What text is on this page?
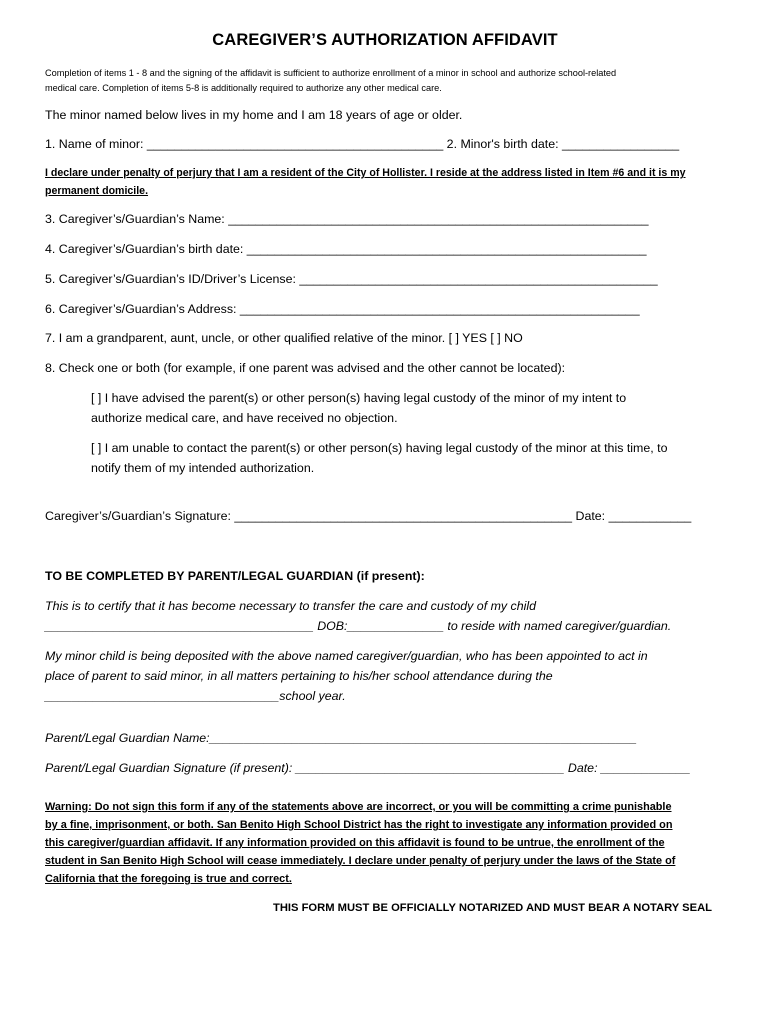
CAREGIVER’S AUTHORIZATION AFFIDAVIT
Completion of items 1 - 8 and the signing of the affidavit is sufficient to authorize enrollment of a minor in school and authorize school-related
medical care. Completion of items 5-8 is additionally required to authorize any other medical care.
The minor named below lives in my home and I am 18 years of age or older.
1. Name of minor: ___________________________________________ 2. Minor's birth date: _________________
I declare under penalty of perjury that I am a resident of the City of Hollister. I reside at the address listed in Item #6 and it is my
permanent domicile.
3. Caregiver’s/Guardian’s Name: _____________________________________________________________
4. Caregiver’s/Guardian’s birth date: __________________________________________________________
5. Caregiver’s/Guardian’s ID/Driver’s License: ____________________________________________________
6. Caregiver’s/Guardian’s Address: __________________________________________________________
7. I am a grandparent, aunt, uncle, or other qualified relative of the minor. [ ] YES [ ] NO
8. Check one or both (for example, if one parent was advised and the other cannot be located):
[ ] I have advised the parent(s) or other person(s) having legal custody of the minor of my intent to
authorize medical care, and have received no objection.
[ ] I am unable to contact the parent(s) or other person(s) having legal custody of the minor at this time, to
notify them of my intended authorization.
Caregiver’s/Guardian’s Signature: _________________________________________________ Date: ____________
TO BE COMPLETED BY PARENT/LEGAL GUARDIAN (if present):
This is to certify that it has become necessary to transfer the care and custody of my child
_______________________________________ DOB:______________ to reside with named caregiver/guardian.
My minor child is being deposited with the above named caregiver/guardian, who has been appointed to act in
place of parent to said minor, in all matters pertaining to his/her school attendance during the
__________________________________school year.
Parent/Legal Guardian Name:______________________________________________________________
Parent/Legal Guardian Signature (if present): _______________________________________ Date: _____________
Warning: Do not sign this form if any of the statements above are incorrect, or you will be committing a crime punishable
by a fine, imprisonment, or both. San Benito High School District has the right to investigate any information provided on
this caregiver/guardian affidavit. If any information provided on this affidavit is found to be untrue, the enrollment of the
student in San Benito High School will cease immediately. I declare under penalty of perjury under the laws of the State of
California that the foregoing is true and correct.
THIS FORM MUST BE OFFICIALLY NOTARIZED AND MUST BEAR A NOTARY SEAL
